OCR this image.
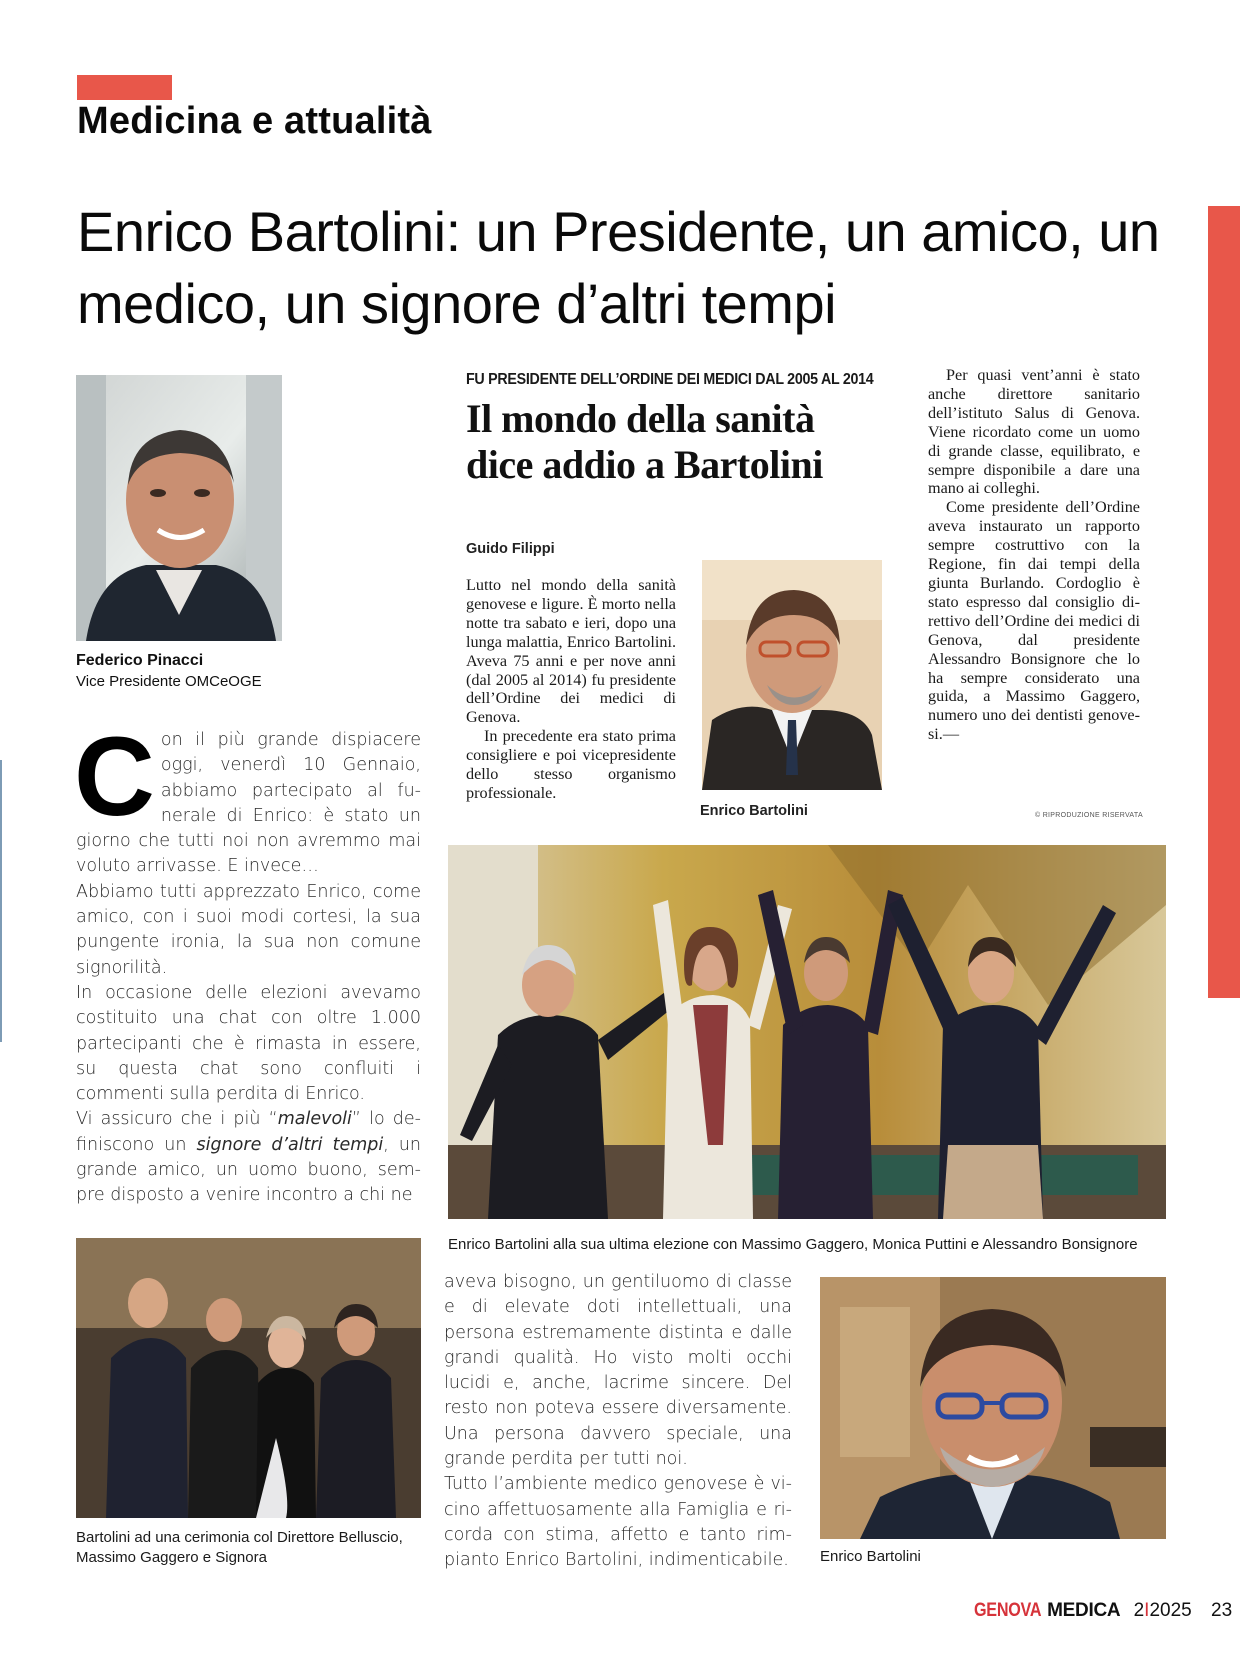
Medicina e attualità
Enrico Bartolini: un Presidente, un amico, un medico, un signore d’altri tempi
Federico Pinacci
Vice Presidente OMCeOGE
C on il più grande dispiacere oggi, venerdì 10 Gennaio, abbiamo partecipato al funerale di Enrico: è stato un giorno che tutti noi non avremmo mai voluto arrivasse. E invece…

Abbiamo tutti apprezzato Enrico, come amico, con i suoi modi cortesi, la sua pungente ironia, la sua non comune signorilità.

In occasione delle elezioni avevamo costituito una chat con oltre 1.000 partecipanti che è rimasta in essere, su questa chat sono confluiti i commenti sulla perdita di Enrico.

Vi assicuro che i più “malevoli” lo definiscono un signore d’altri tempi, un grande amico, un uomo buono, sempre disposto a venire incontro a chi ne

FU PRESIDENTE DELL’ORDINE DEI MEDICI DAL 2005 AL 2014
Il mondo della sanità
dice addio a Bartolini
Guido Filippi

Lutto nel mondo della sanità genovese e ligure. È morto nella notte tra sabato e ieri, dopo una lunga malattia, Enrico Bartolini. Aveva 75 anni e per nove anni (dal 2005 al 2014) fu presidente dell’Ordine dei medici di Genova.

In precedente era stato prima consigliere e poi vicepresidente dello stesso organismo professionale.

Enrico Bartolini

Per quasi vent’anni è stato anche direttore sanitario dell’istituto Salus di Genova. Viene ricordato come un uomo di grande classe, equilibrato, e sempre disponibile a dare una mano ai colleghi.

Come presidente dell’Ordine aveva instaurato un rapporto sempre costruttivo con la Regione, fin dai tempi della giunta Burlando. Cordoglio è stato espresso dal consiglio direttivo dell’Ordine dei medici di Genova, dal presidente Alessandro Bonsignore che lo ha sempre considerato una guida, a Massimo Gaggero, numero uno dei dentisti genovesi.—

© RIPRODUZIONE RISERVATA
Enrico Bartolini alla sua ultima elezione con Massimo Gaggero, Monica Puttini e Alessandro Bonsignore
Bartolini ad una cerimonia col Direttore Belluscio, Massimo Gaggero e Signora

aveva bisogno, un gentiluomo di classe e di elevate doti intellettuali, una persona estremamente distinta e dalle grandi qualità. Ho visto molti occhi lucidi e, anche, lacrime sincere. Del resto non poteva essere diversamente. Una persona davvero speciale, una grande perdita per tutti noi.

Tutto l’ambiente medico genovese è vicino affettuosamente alla Famiglia e ricorda con stima, affetto e tanto rimpianto Enrico Bartolini, indimenticabile. Enrico Bartolini
GENOVA MEDICA 2I2025 23
